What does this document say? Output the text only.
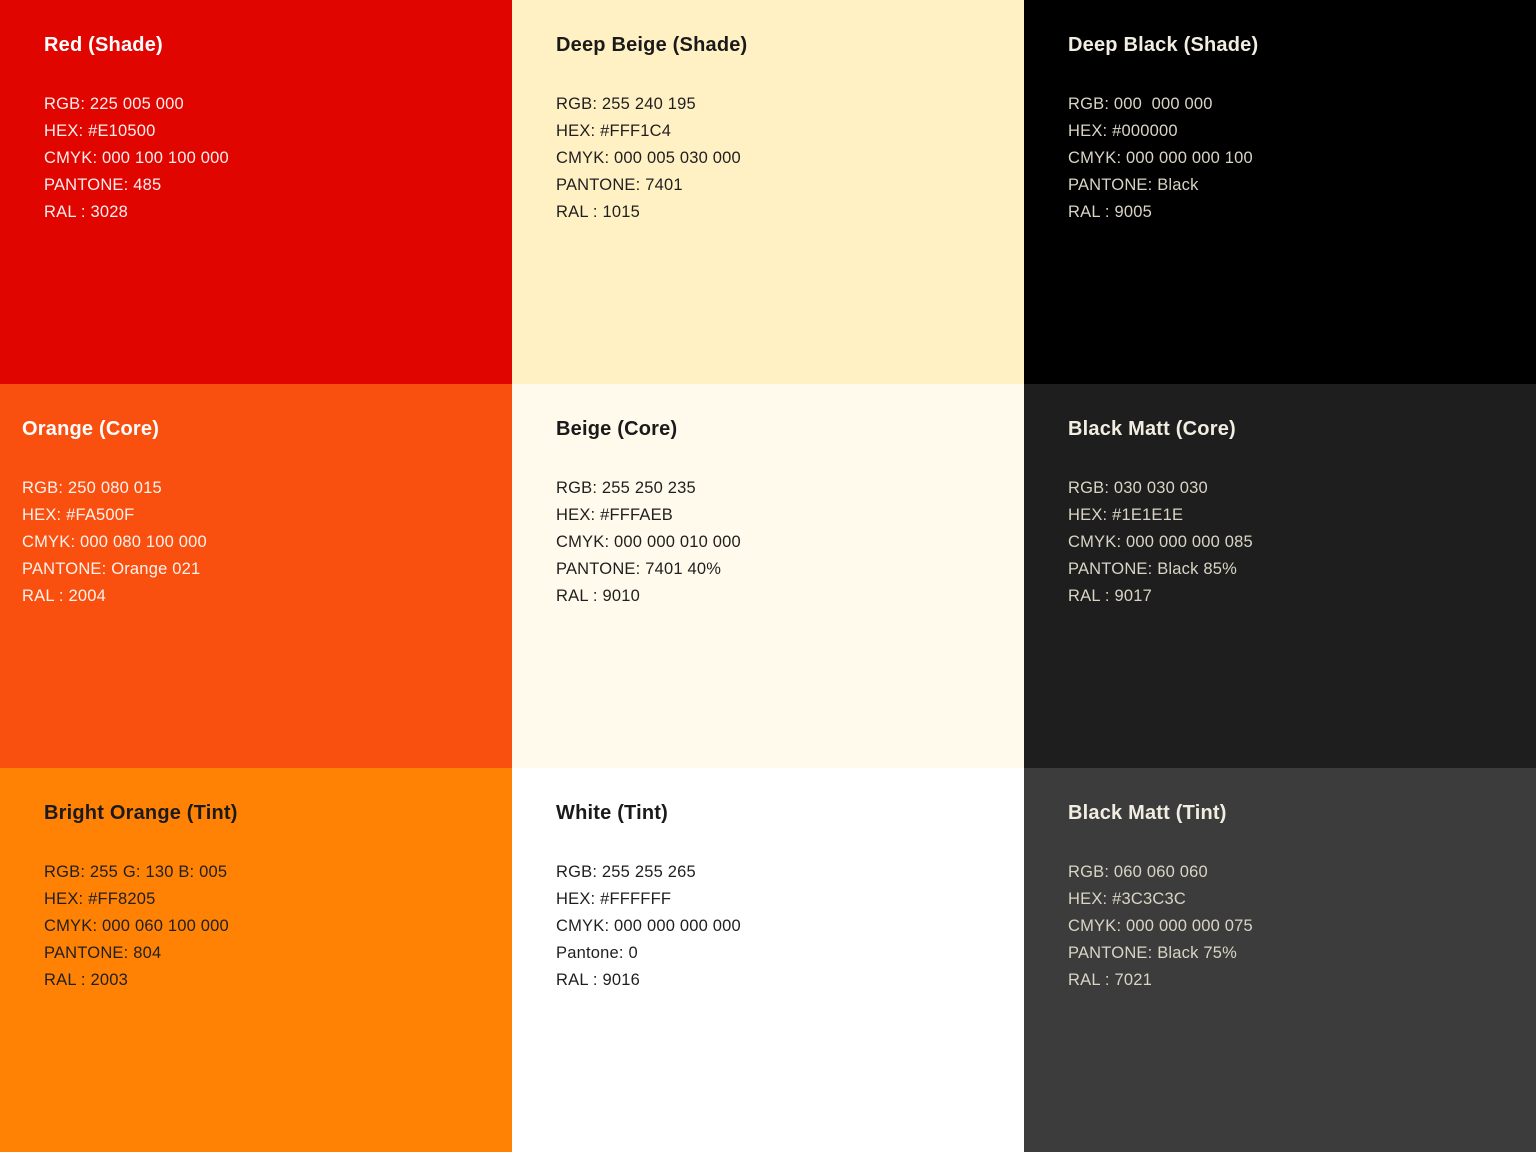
Red (Shade)
RGB: 225 005 000
HEX: #E10500
CMYK: 000 100 100 000
PANTONE: 485
RAL : 3028
Deep Beige (Shade)
RGB: 255 240 195
HEX: #FFF1C4
CMYK: 000 005 030 000
PANTONE: 7401
RAL : 1015
Deep Black (Shade)
RGB: 000  000 000
HEX: #000000
CMYK: 000 000 000 100
PANTONE: Black
RAL : 9005
Orange (Core)
RGB: 250 080 015
HEX: #FA500F
CMYK: 000 080 100 000
PANTONE: Orange 021
RAL : 2004
Beige (Core)
RGB: 255 250 235
HEX: #FFFAEB
CMYK: 000 000 010 000
PANTONE: 7401 40%
RAL : 9010
Black Matt (Core)
RGB: 030 030 030
HEX: #1E1E1E
CMYK: 000 000 000 085
PANTONE: Black 85%
RAL : 9017
Bright Orange (Tint)
RGB: 255 G: 130 B: 005
HEX: #FF8205
CMYK: 000 060 100 000
PANTONE: 804
RAL : 2003
White (Tint)
RGB: 255 255 265
HEX: #FFFFFF
CMYK: 000 000 000 000
Pantone: 0
RAL : 9016
Black Matt (Tint)
RGB: 060 060 060
HEX: #3C3C3C
CMYK: 000 000 000 075
PANTONE: Black 75%
RAL : 7021
